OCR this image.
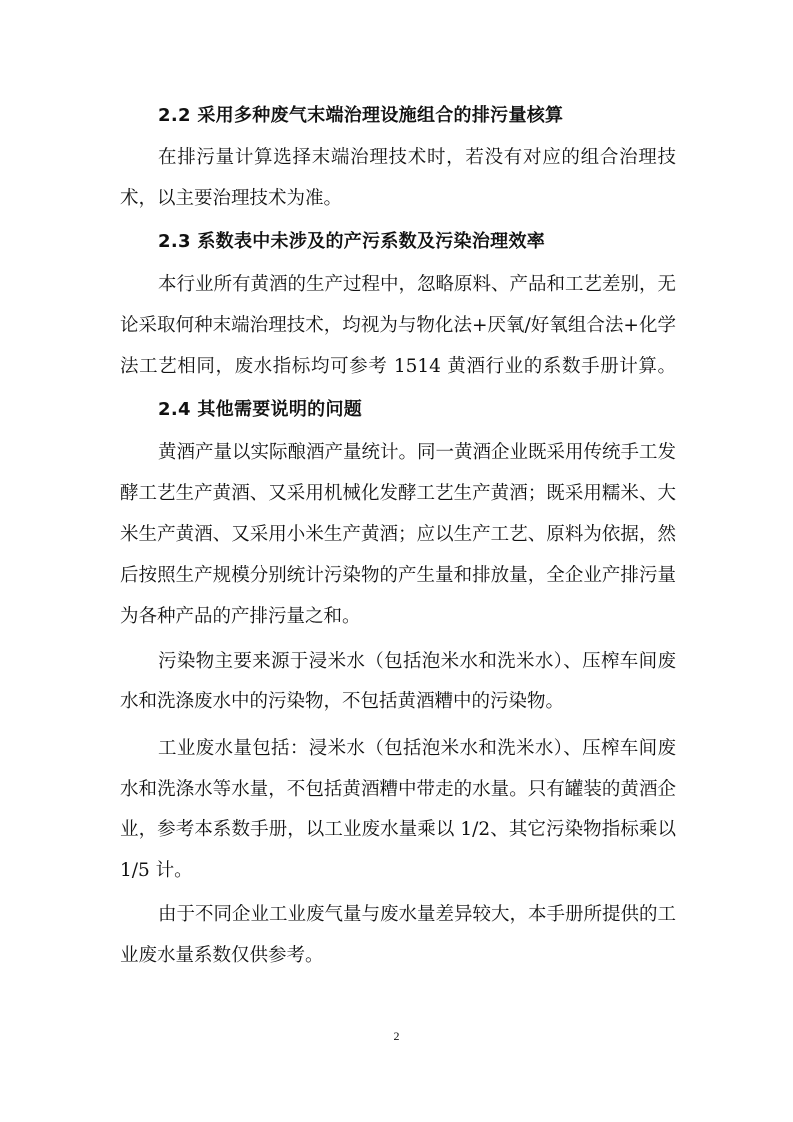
2.2 采用多种废气末端治理设施组合的排污量核算
在排污量计算选择末端治理技术时，若没有对应的组合治理技
术，以主要治理技术为准。
2.3 系数表中未涉及的产污系数及污染治理效率
本行业所有黄酒的生产过程中，忽略原料、产品和工艺差别，无
论采取何种末端治理技术，均视为与物化法+厌氧/好氧组合法+化学
法工艺相同，废水指标均可参考 1514 黄酒行业的系数手册计算。
2.4 其他需要说明的问题
黄酒产量以实际酿酒产量统计。同一黄酒企业既采用传统手工发
酵工艺生产黄酒、又采用机械化发酵工艺生产黄酒；既采用糯米、大
米生产黄酒、又采用小米生产黄酒；应以生产工艺、原料为依据，然
后按照生产规模分别统计污染物的产生量和排放量，全企业产排污量
为各种产品的产排污量之和。
污染物主要来源于浸米水（包括泡米水和洗米水）、压榨车间废
水和洗涤废水中的污染物，不包括黄酒糟中的污染物。
工业废水量包括：浸米水（包括泡米水和洗米水）、压榨车间废
水和洗涤水等水量，不包括黄酒糟中带走的水量。只有罐装的黄酒企
业，参考本系数手册，以工业废水量乘以 1/2、其它污染物指标乘以
1/5 计。
由于不同企业工业废气量与废水量差异较大，本手册所提供的工
业废水量系数仅供参考。
2
